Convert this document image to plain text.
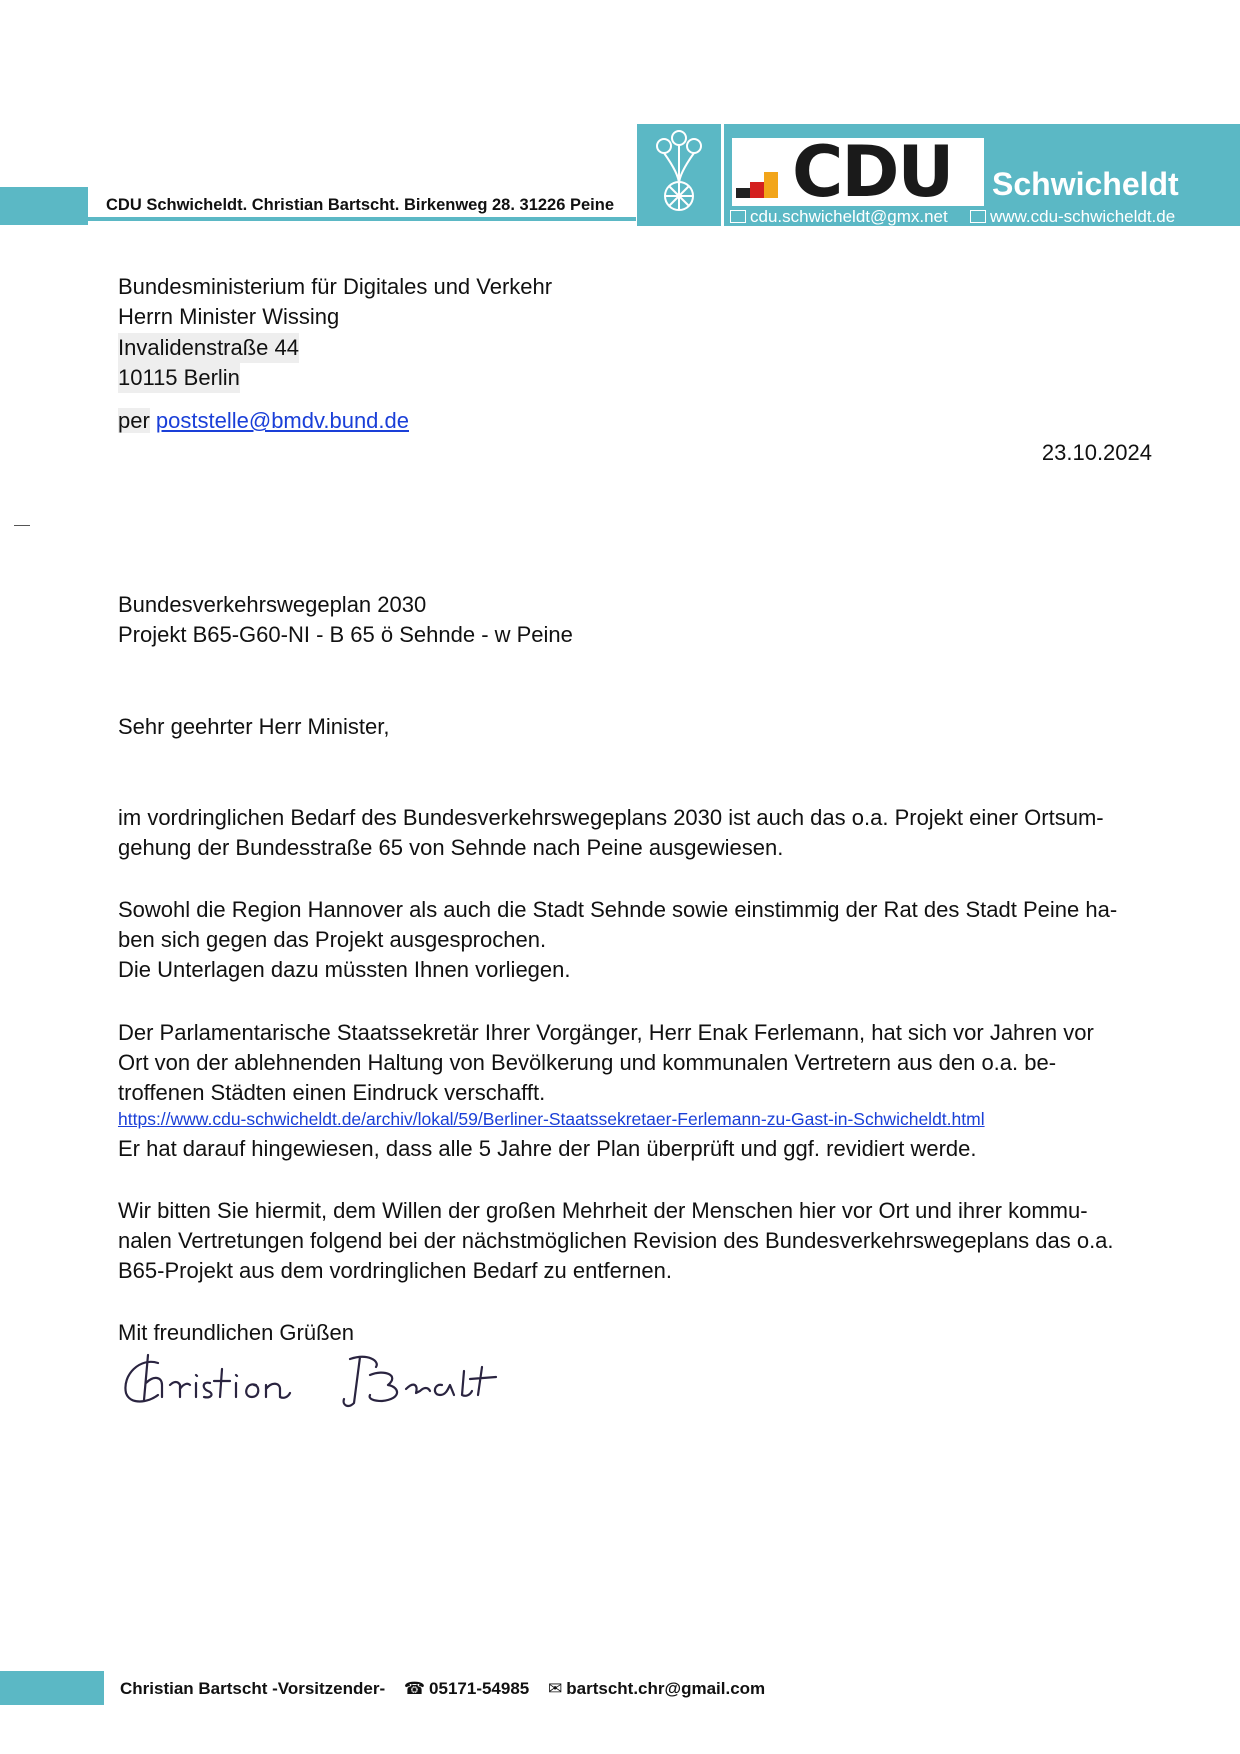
CDU Schwicheldt. Christian Bartscht. Birkenweg 28. 31226 Peine	CDU Schwicheldt
cdu.schwicheldt@gmx.net	www.cdu-schwicheldt.de
Bundesministerium für Digitales und Verkehr
Herrn Minister Wissing
Invalidenstraße 44
10115 Berlin
per poststelle@bmdv.bund.de
23.10.2024
Bundesverkehrswegeplan 2030
Projekt B65-G60-NI - B 65 ö Sehnde - w Peine
Sehr geehrter Herr Minister,
im vordringlichen Bedarf des Bundesverkehrswegeplans 2030 ist auch das o.a. Projekt einer Ortsum-
gehung der Bundesstraße 65 von Sehnde nach Peine ausgewiesen.
Sowohl die Region Hannover als auch die Stadt Sehnde sowie einstimmig der Rat des Stadt Peine ha-
ben sich gegen das Projekt ausgesprochen.
Die Unterlagen dazu müssten Ihnen vorliegen.
Der Parlamentarische Staatssekretär Ihrer Vorgänger, Herr Enak Ferlemann, hat sich vor Jahren vor
Ort von der ablehnenden Haltung von Bevölkerung und kommunalen Vertretern aus den o.a. be-
troffenen Städten einen Eindruck verschafft.
https://www.cdu-schwicheldt.de/archiv/lokal/59/Berliner-Staatssekretaer-Ferlemann-zu-Gast-in-Schwicheldt.html
Er hat darauf hingewiesen, dass alle 5 Jahre der Plan überprüft und ggf. revidiert werde.
Wir bitten Sie hiermit, dem Willen der großen Mehrheit der Menschen hier vor Ort und ihrer kommu-
nalen Vertretungen folgend bei der nächstmöglichen Revision des Bundesverkehrswegeplans das o.a.
B65-Projekt aus dem vordringlichen Bedarf zu entfernen.
Mit freundlichen Grüßen
Christian Bartscht -Vorsitzender- ☎ 05171-54985 ✉ bartscht.chr@gmail.com
